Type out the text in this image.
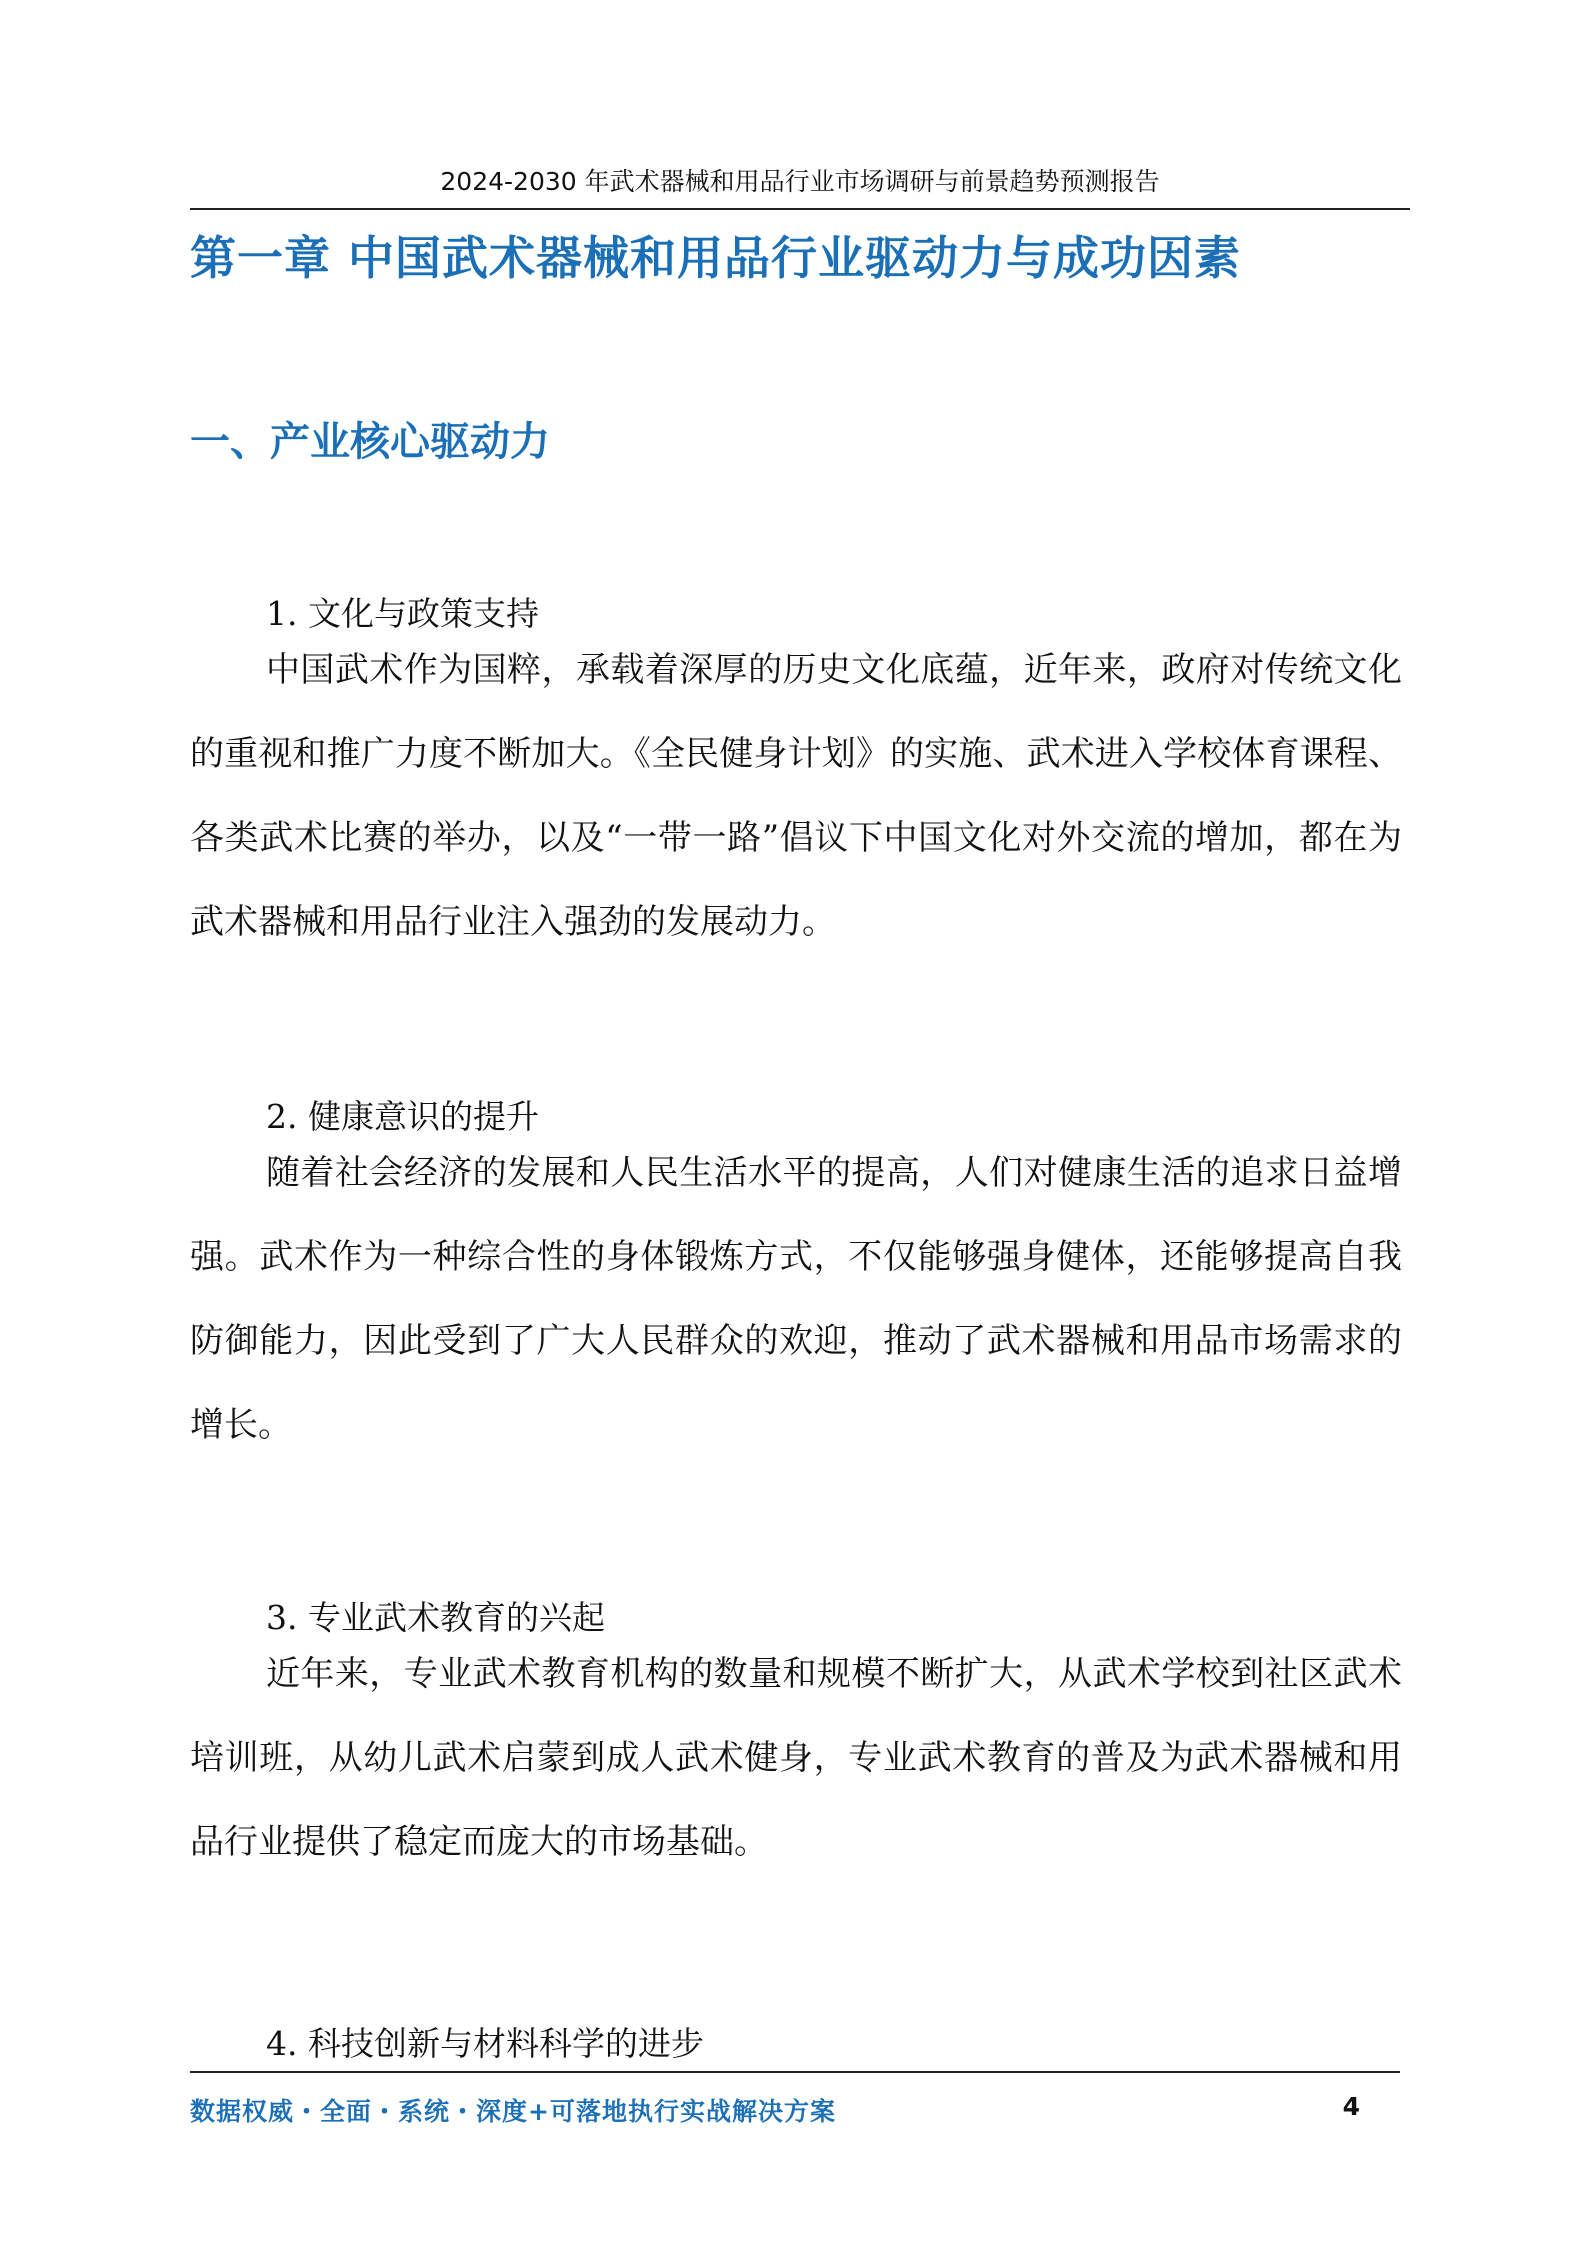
2024-2030 年武术器械和用品行业市场调研与前景趋势预测报告
第一章 中国武术器械和用品行业驱动力与成功因素
一、产业核心驱动力
1. 文化与政策支持
中国武术作为国粹，承载着深厚的历史文化底蕴，近年来，政府对传统文化的重视和推广力度不断加大。《全民健身计划》的实施、武术进入学校体育课程、各类武术比赛的举办，以及“一带一路”倡议下中国文化对外交流的增加，都在为武术器械和用品行业注入强劲的发展动力。
2. 健康意识的提升
随着社会经济的发展和人民生活水平的提高，人们对健康生活的追求日益增强。武术作为一种综合性的身体锻炼方式，不仅能够强身健体，还能够提高自我防御能力，因此受到了广大人民群众的欢迎，推动了武术器械和用品市场需求的增长。
3. 专业武术教育的兴起
近年来，专业武术教育机构的数量和规模不断扩大，从武术学校到社区武术培训班，从幼儿武术启蒙到成人武术健身，专业武术教育的普及为武术器械和用品行业提供了稳定而庞大的市场基础。
4. 科技创新与材料科学的进步
数据权威・全面・系统・深度+可落地执行实战解决方案	4
